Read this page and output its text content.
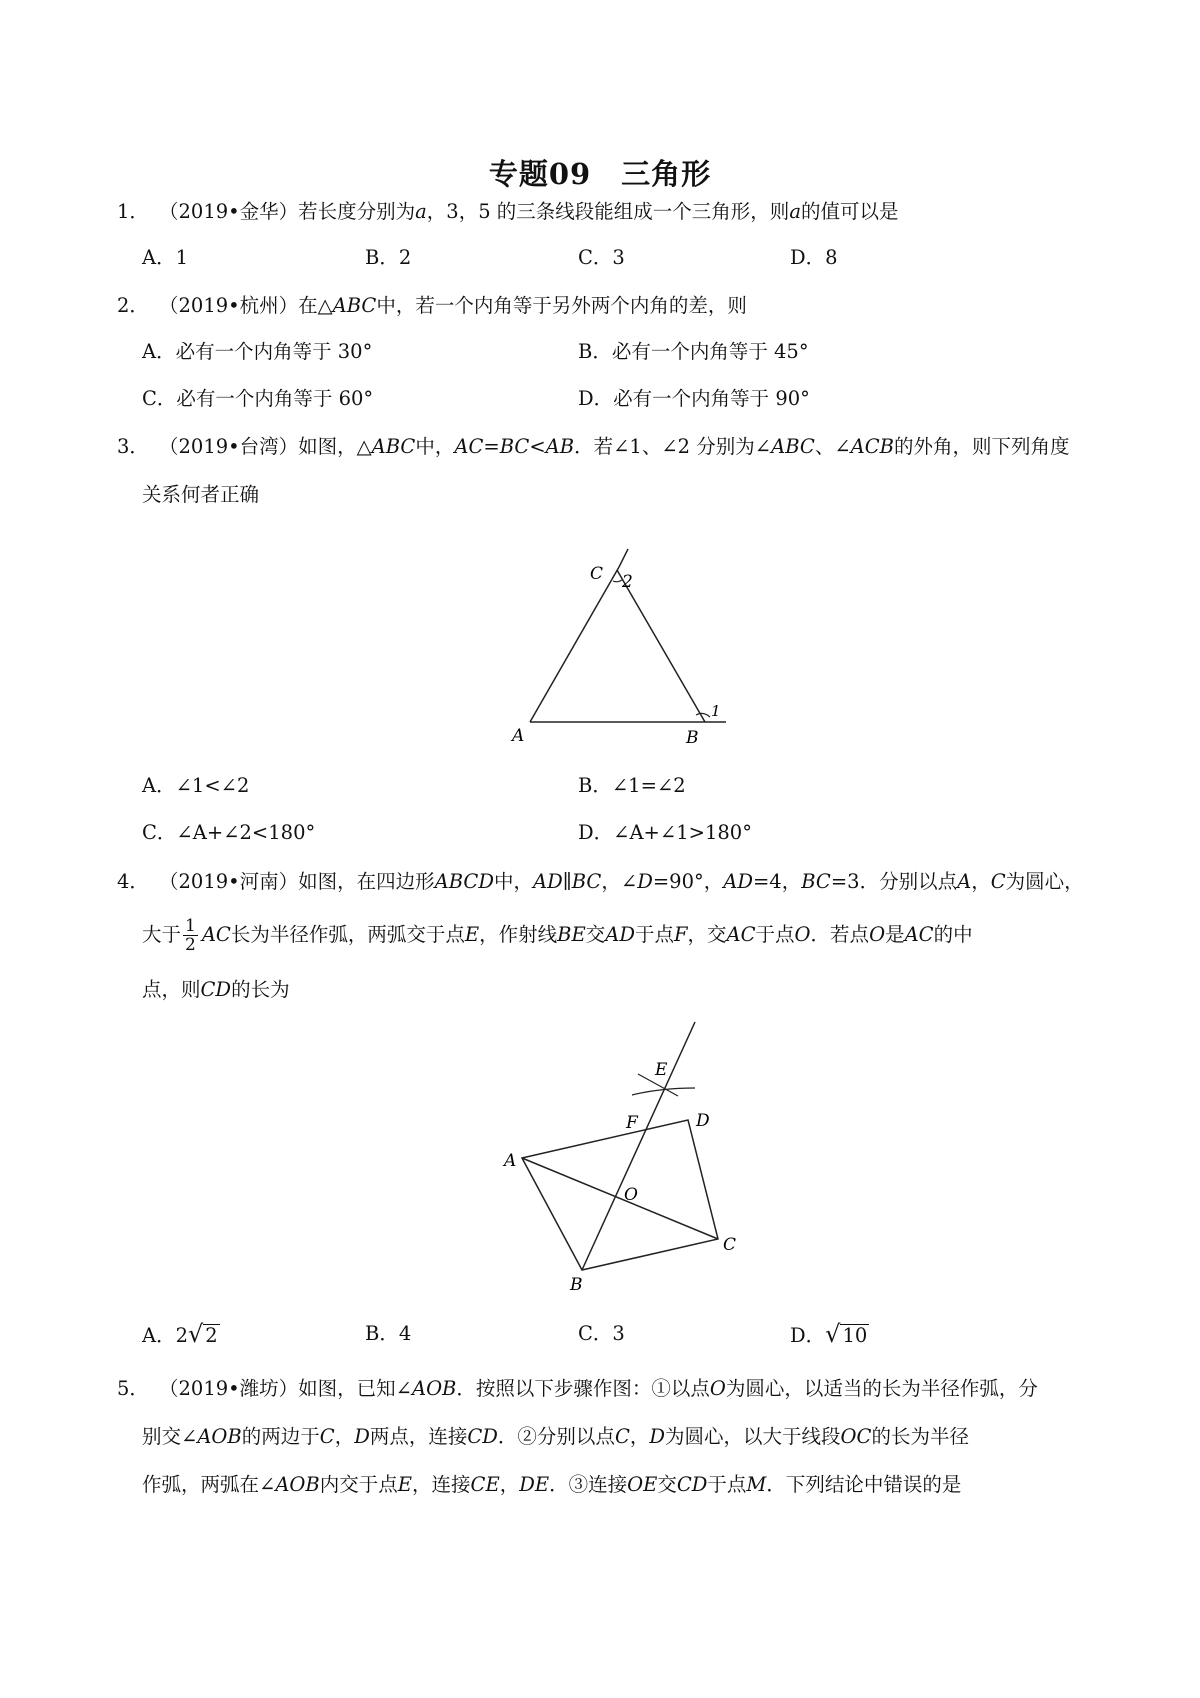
专题09　三角形
1． （2019•金华）若长度分别为a，3，5 的三条线段能组成一个三角形，则a的值可以是
A．1	B．2	C．3	D．8
2． （2019•杭州）在△ABC中，若一个内角等于另外两个内角的差，则
A．必有一个内角等于 30°	B．必有一个内角等于 45°
C．必有一个内角等于 60°	D．必有一个内角等于 90°
3． （2019•台湾）如图，△ABC中，AC=BC<AB．若∠1、∠2 分别为∠ABC、∠ACB的外角，则下列角度
关系何者正确
A	B
C
1
2
A．∠1<∠2	B．∠1=∠2
C．∠A+∠2<180°	D．∠A+∠1>180°
4． （2019•河南）如图，在四边形ABCD中，AD∥BC，∠D=90°，AD=4，BC=3．分别以点A，C为圆心，
大于 $\frac{1}{2}$ AC长为半径作弧，两弧交于点E，作射线BE交AD于点F，交AC于点O．若点O是AC的中
点，则CD的长为
A
B
C
D
E
F
O
A．2√ 2	B．4	C．3	D．√ 10
5． （2019•潍坊）如图，已知∠AOB．按照以下步骤作图：①以点O为圆心，以适当的长为半径作弧，分
别交∠AOB的两边于C，D两点，连接CD．②分别以点C，D为圆心，以大于线段OC的长为半径
作弧，两弧在∠AOB内交于点E，连接CE，DE．③连接OE交CD于点M．下列结论中错误的是
